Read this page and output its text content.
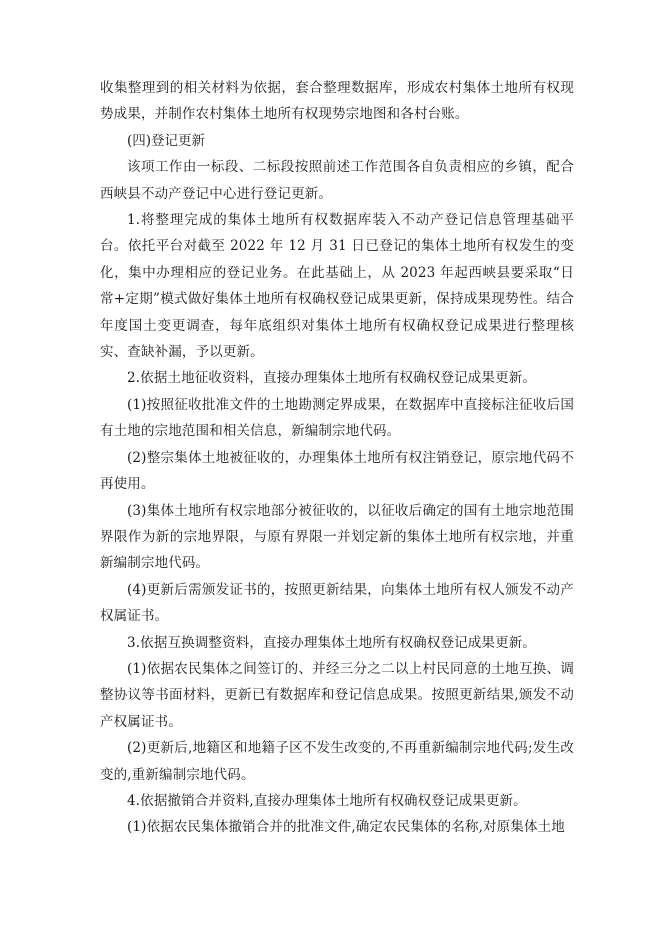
收集整理到的相关材料为依据，套合整理数据库，形成农村集体土地所有权现势成果，并制作农村集体土地所有权现势宗地图和各村台账。

(四)登记更新

该项工作由一标段、二标段按照前述工作范围各自负责相应的乡镇，配合西峡县不动产登记中心进行登记更新。

1.将整理完成的集体土地所有权数据库装入不动产登记信息管理基础平台。依托平台对截至 2022 年 12 月 31 日已登记的集体土地所有权发生的变化，集中办理相应的登记业务。在此基础上，从 2023 年起西峡县要采取“日常+定期”模式做好集体土地所有权确权登记成果更新，保持成果现势性。结合年度国土变更调查，每年底组织对集体土地所有权确权登记成果进行整理核实、查缺补漏，予以更新。

2.依据土地征收资料，直接办理集体土地所有权确权登记成果更新。

(1)按照征收批准文件的土地勘测定界成果，在数据库中直接标注征收后国有土地的宗地范围和相关信息，新编制宗地代码。

(2)整宗集体土地被征收的，办理集体土地所有权注销登记，原宗地代码不再使用。

(3)集体土地所有权宗地部分被征收的，以征收后确定的国有土地宗地范围界限作为新的宗地界限，与原有界限一并划定新的集体土地所有权宗地，并重新编制宗地代码。

(4)更新后需颁发证书的，按照更新结果，向集体土地所有权人颁发不动产权属证书。

3.依据互换调整资料，直接办理集体土地所有权确权登记成果更新。

(1)依据农民集体之间签订的、并经三分之二以上村民同意的土地互换、调整协议等书面材料，更新已有数据库和登记信息成果。按照更新结果,颁发不动产权属证书。

(2)更新后,地籍区和地籍子区不发生改变的,不再重新编制宗地代码;发生改变的,重新编制宗地代码。

4.依据撤销合并资料,直接办理集体土地所有权确权登记成果更新。

(1)依据农民集体撤销合并的批准文件,确定农民集体的名称,对原集体土地
